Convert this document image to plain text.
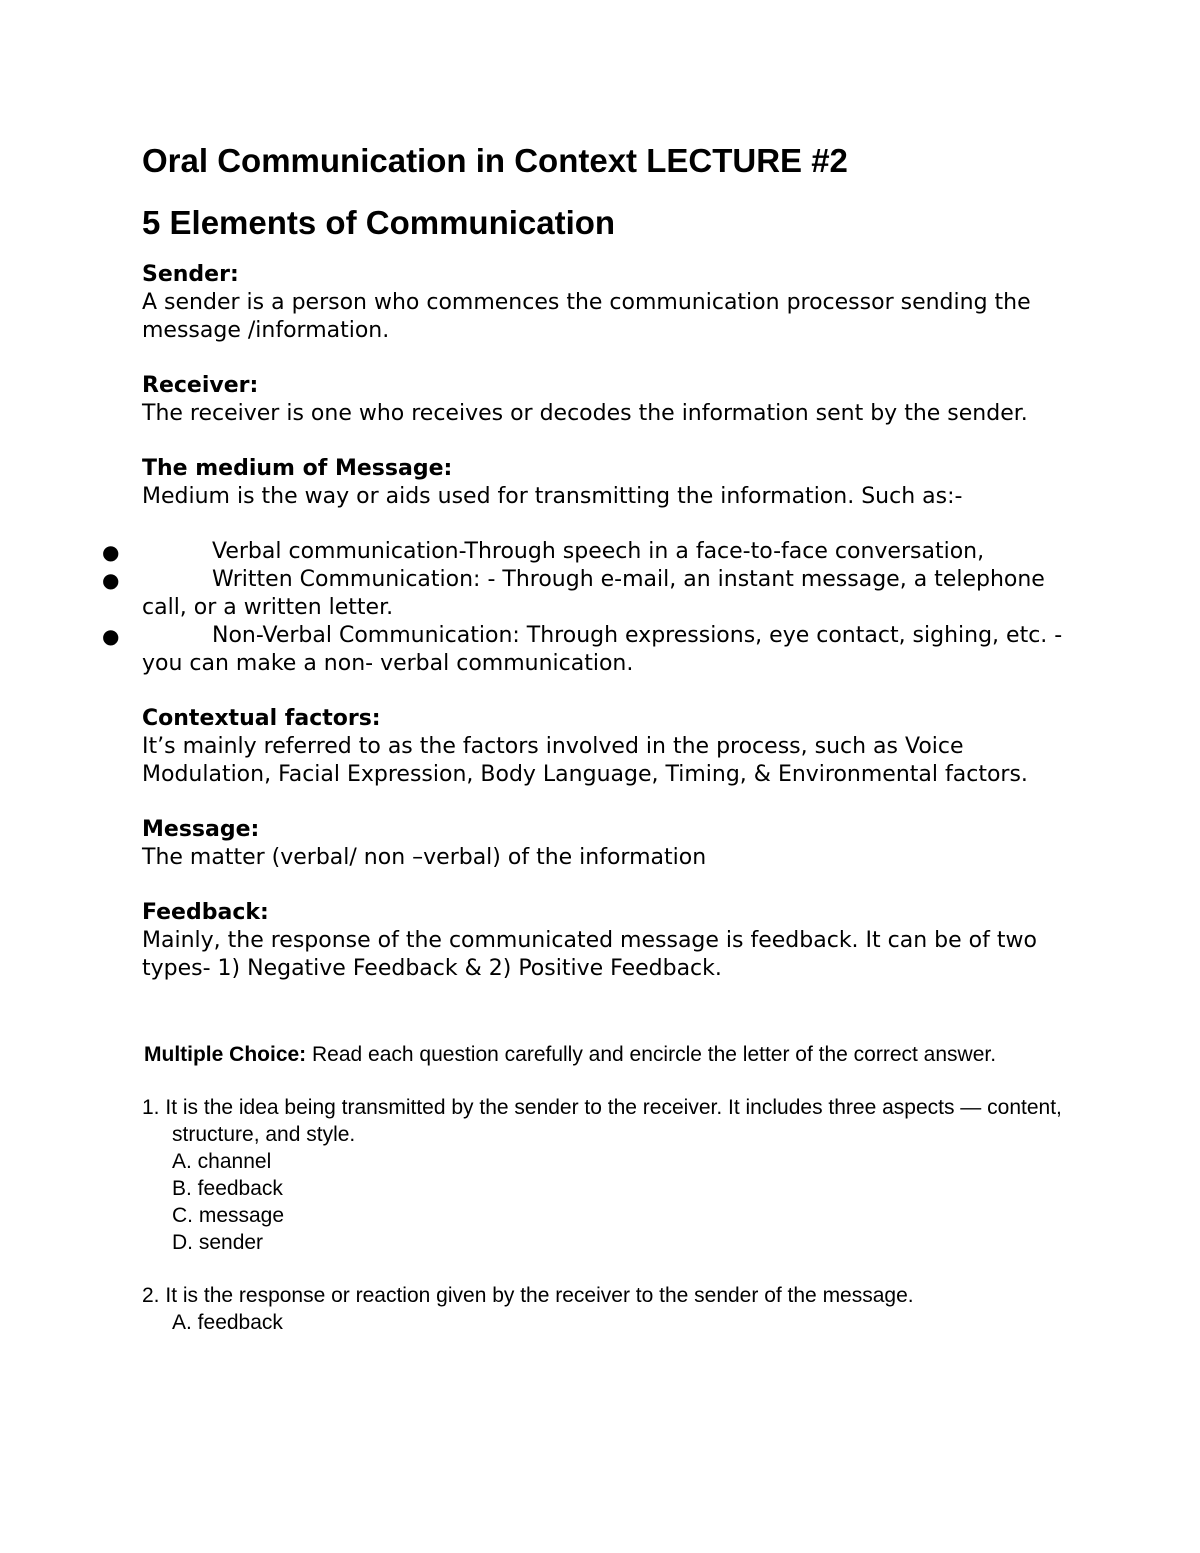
Oral Communication in Context LECTURE #2
5 Elements of Communication
Sender:

A sender is a person who commences the communication processor sending the message /information.

Receiver:

The receiver is one who receives or decodes the information sent by the sender.

The medium of Message:

Medium is the way or aids used for transmitting the information. Such as:-

●	Verbal communication-Through speech in a face-to-face conversation,
●	Written Communication: - Through e-mail, an instant message, a telephone call, or a written letter.
●	Non-Verbal Communication: Through expressions, eye contact, sighing, etc. - you can make a non- verbal communication.
Contextual factors:

It’s mainly referred to as the factors involved in the process, such as Voice Modulation, Facial Expression, Body Language, Timing, & Environmental factors.

Message:

The matter (verbal/ non –verbal) of the information

Feedback:

Mainly, the response of the communicated message is feedback. It can be of two types- 1) Negative Feedback & 2) Positive Feedback.

Multiple Choice: Read each question carefully and encircle the letter of the correct answer.

1. It is the idea being transmitted by the sender to the receiver. It includes three aspects — content, structure, and style.

A. channel
B. feedback
C. message
D. sender

2. It is the response or reaction given by the receiver to the sender of the message.

A. feedback
